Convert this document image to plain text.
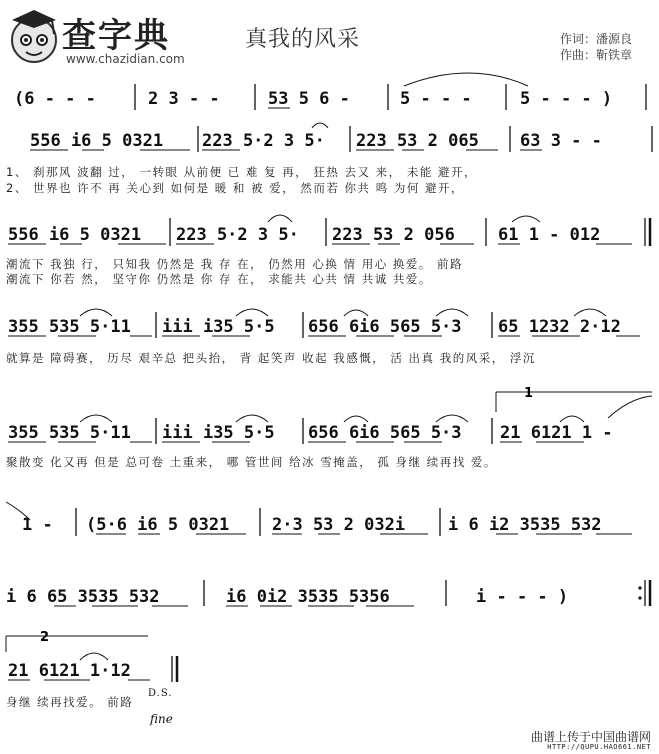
查字典
www.chazidian.com
真我的风采	作词：潘源良
作曲：靳铁章
(6 - - -	2 3 - -	53 5 6 -	5 - - -	5 - - - )
556 i6 5 0321 223 5·2 3 5· 223 53 2 065 63 3 - -
556 i6 5 0321 223 5·2 3 5· 223 53 2 056	61 1 - 012
355 535 5·11 iii i35 5·5 656 6i6 565 5·3 65 1232 2·12
1
355 535 5·11 iii i35 5·5 656 6i6 565 5·3 21 6121 1 -
1 - (5·6 i6 5 0321	2·3 53 2 032i	i 6 i2 3535 532
i 6 65 3535 532	i6 0i2 3535 5356	i - - - )
2
21 6121 1·12
1、 刹那风 波翻 过， 一转眼 从前便 已 难 复 再， 狂热 去又 来， 未能 避开，
2、 世界也 许不 再 关心到 如何是 暖 和 被 爱， 然而若 你共 鸣 为何 避开，
潮流下 我独 行， 只知我 仍然是 我 存 在， 仍然用 心换 情 用心 换爱。 前路
潮流下 你若 然， 坚守你 仍然是 你 存 在， 求能共 心共 情 共诚 共爱。
就算是 障碍赛， 历尽 艰辛总 把头抬， 背 起笑声 收起 我感慨， 活 出真 我的风采， 浮沉
聚散变 化又再 但是 总可卷 土重来， 哪 管世间 给冰 雪掩盖， 孤 身继 续再找 爱。
身继 续再找爱。 前路
D.S.
fine
曲谱上传于中国曲谱网
HTTP://QUPU.HAO661.NET
